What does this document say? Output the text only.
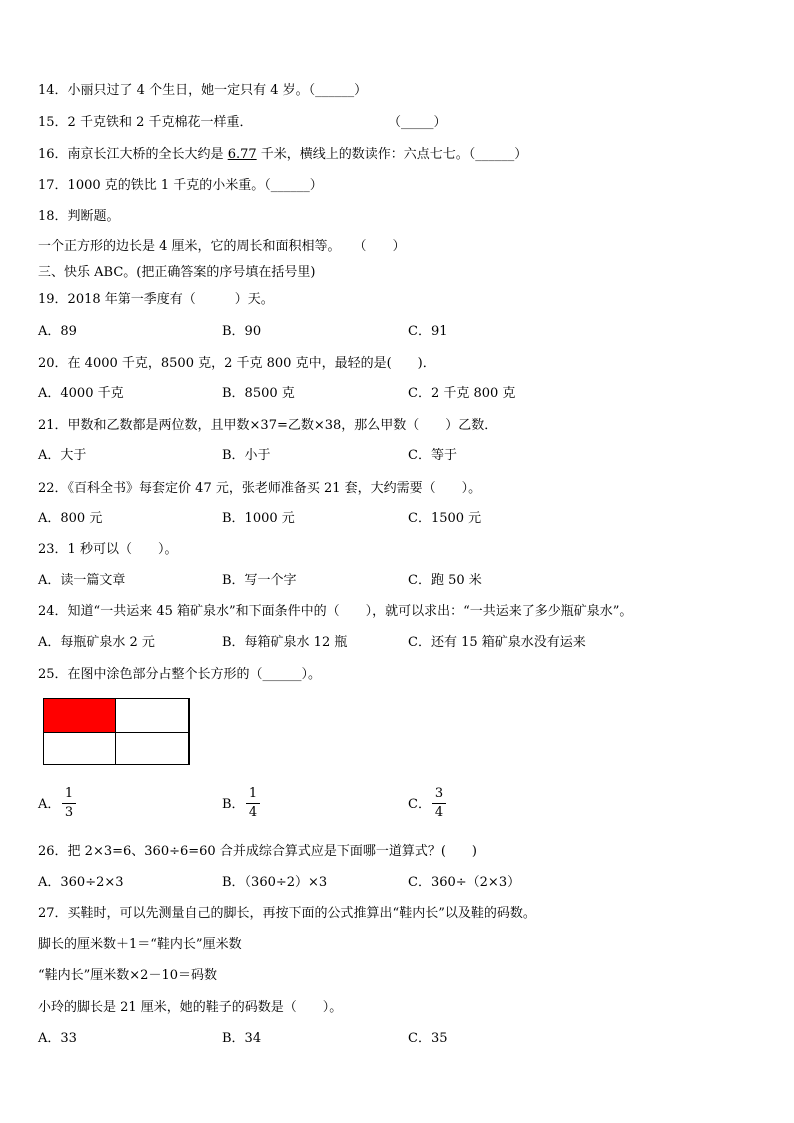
14．小丽只过了 4 个生日，她一定只有 4 岁。（______）
15．2 千克铁和 2 千克棉花一样重．	（_____）
16．南京长江大桥的全长大约是 6.77 千米，横线上的数读作：六点七七。（______）
17．1000 克的铁比 1 千克的小米重。（______）
18．判断题。
一个正方形的边长是 4 厘米，它的周长和面积相等。　　（　　）
三、快乐 ABC。(把正确答案的序号填在括号里)
19．2018 年第一季度有（　　　）天。
A．89	B．90	C．91
20．在 4000 千克，8500 克，2 千克 800 克中，最轻的是(　　)．
A．4000 千克	B．8500 克	C．2 千克 800 克
21．甲数和乙数都是两位数，且甲数×37=乙数×38，那么甲数（　　）乙数．
A．大于	B．小于	C．等于
22．《百科全书》每套定价 47 元，张老师准备买 21 套，大约需要（　　）。
A．800 元	B．1000 元	C．1500 元
23．1 秒可以（　　）。
A．读一篇文章	B．写一个字	C．跑 50 米
24．知道“一共运来 45 箱矿泉水”和下面条件中的（　　），就可以求出：“一共运来了多少瓶矿泉水”。
A．每瓶矿泉水 2 元	B．每箱矿泉水 12 瓶	C．还有 15 箱矿泉水没有运来
25．在图中涂色部分占整个长方形的（______）。
A．
1
3
B．
1
4
C．
3
4
26．把 2×3=6、360÷6=60 合并成综合算式应是下面哪一道算式？(　　)
A．360÷2×3	B．（360÷2）×3	C．360÷（2×3）
27．买鞋时，可以先测量自己的脚长，再按下面的公式推算出“鞋内长”以及鞋的码数。
脚长的厘米数＋1＝“鞋内长”厘米数
“鞋内长”厘米数×2－10＝码数
小玲的脚长是 21 厘米，她的鞋子的码数是（　　）。
A．33	B．34	C．35
